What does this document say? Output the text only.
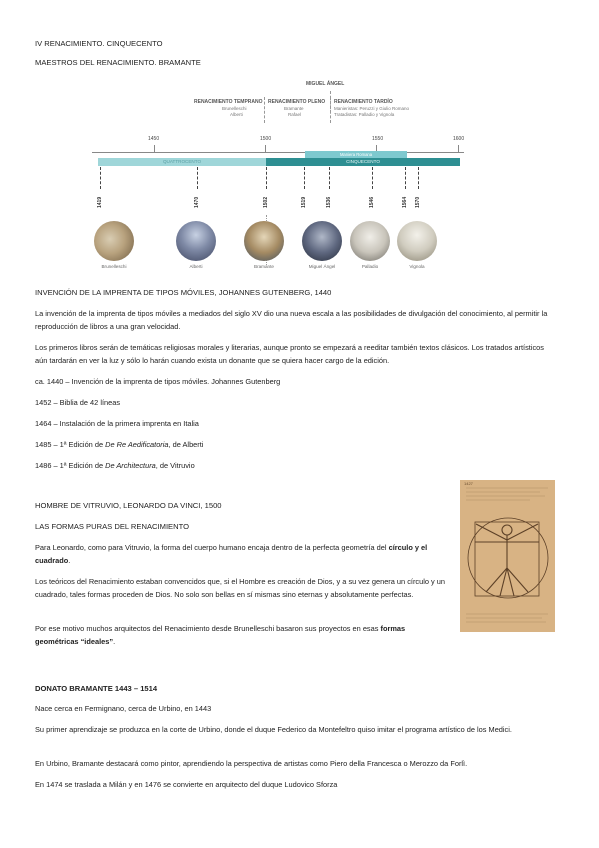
IV RENACIMIENTO. CINQUECENTO
MAESTROS DEL RENACIMIENTO. BRAMANTE
MIGUEL ÁNGEL
RENACIMIENTO TEMPRANO
Brunelleschi
Alberti
RENACIMIENTO PLENO
Bramante
Rafael
RENACIMIENTO TARDÍO
Manieristas: Peruzzi y Giulio Romano
Tratadistas: Palladio y Vignola
1450	1500	1550	1600
Maniera Romana
QUATTROCENTO	CINQUECENTO
1419	1470	1502	1519	1536	1546	1564 1570
Brunelleschi	Alberti	Bramante	Miguel Ángel	Palladio	Vignola
INVENCIÓN DE LA IMPRENTA DE TIPOS MÓVILES, JOHANNES GUTENBERG, 1440
La invención de la imprenta de tipos móviles a mediados del siglo XV dio una nueva escala a las posibilidades de divulgación del conocimiento, al permitir la reproducción de libros a una gran velocidad.
Los primeros libros serán de temáticas religiosas morales y literarias, aunque pronto se empezará a reeditar también textos clásicos. Los tratados artísticos aún tardarán en ver la luz y sólo lo harán cuando exista un donante que se quiera hacer cargo de la edición.
ca. 1440 – Invención de la imprenta de tipos móviles. Johannes Gutenberg
1452 – Biblia de 42 líneas
1464 – Instalación de la primera imprenta en Italia
1485 – 1ª Edición de De Re Aedificatoria, de Alberti
1486 – 1ª Edición de De Architectura, de Vitruvio
HOMBRE DE VITRUVIO, LEONARDO DA VINCI, 1500
LAS FORMAS PURAS DEL RENACIMIENTO
Para Leonardo, como para Vitruvio, la forma del cuerpo humano encaja dentro de la perfecta geometría del círculo y el cuadrado.
Los teóricos del Renacimiento estaban convencidos que, si el Hombre es creación de Dios, y a su vez genera un círculo y un cuadrado, tales formas proceden de Dios. No solo son bellas en sí mismas sino eternas y absolutamente perfectas.
Por ese motivo muchos arquitectos del Renacimiento desde Brunelleschi basaron sus proyectos en esas formas geométricas “ideales”.
1427
DONATO BRAMANTE 1443 – 1514
Nace cerca en Fermignano, cerca de Urbino, en 1443
Su primer aprendizaje se produzca en la corte de Urbino, donde el duque Federico da Montefeltro quiso imitar el programa artístico de los Medici.
En Urbino, Bramante destacará como pintor, aprendiendo la perspectiva de artistas como Piero della Francesca o Merozzo da Forlì.
En 1474 se traslada a Milán y en 1476 se convierte en arquitecto del duque Ludovico Sforza
